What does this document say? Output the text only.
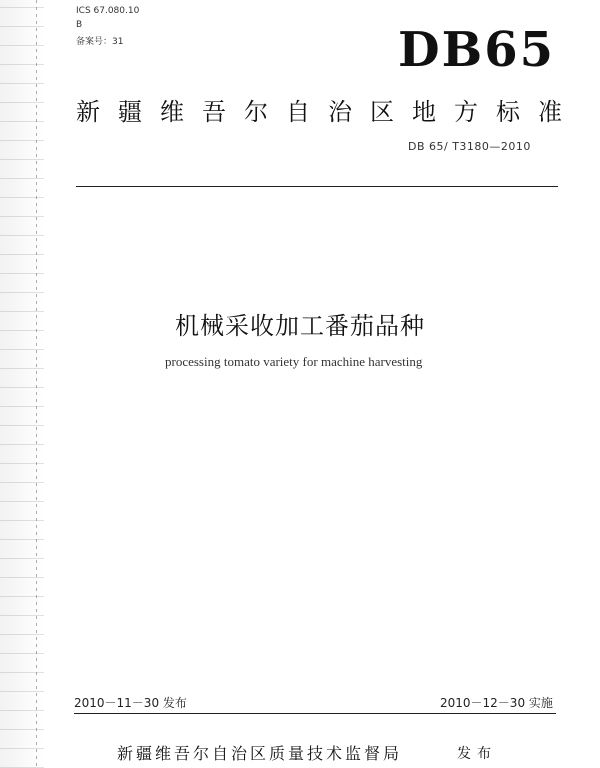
ICS 67.080.10
B
备案号：31	DB65
新疆维吾尔自治区地方标准
DB 65/ T3180—2010
机械采收加工番茄品种
processing tomato variety for machine harvesting
2010－11－30 发布	2010－12－30 实施
新疆维吾尔自治区质量技术监督局	发布
